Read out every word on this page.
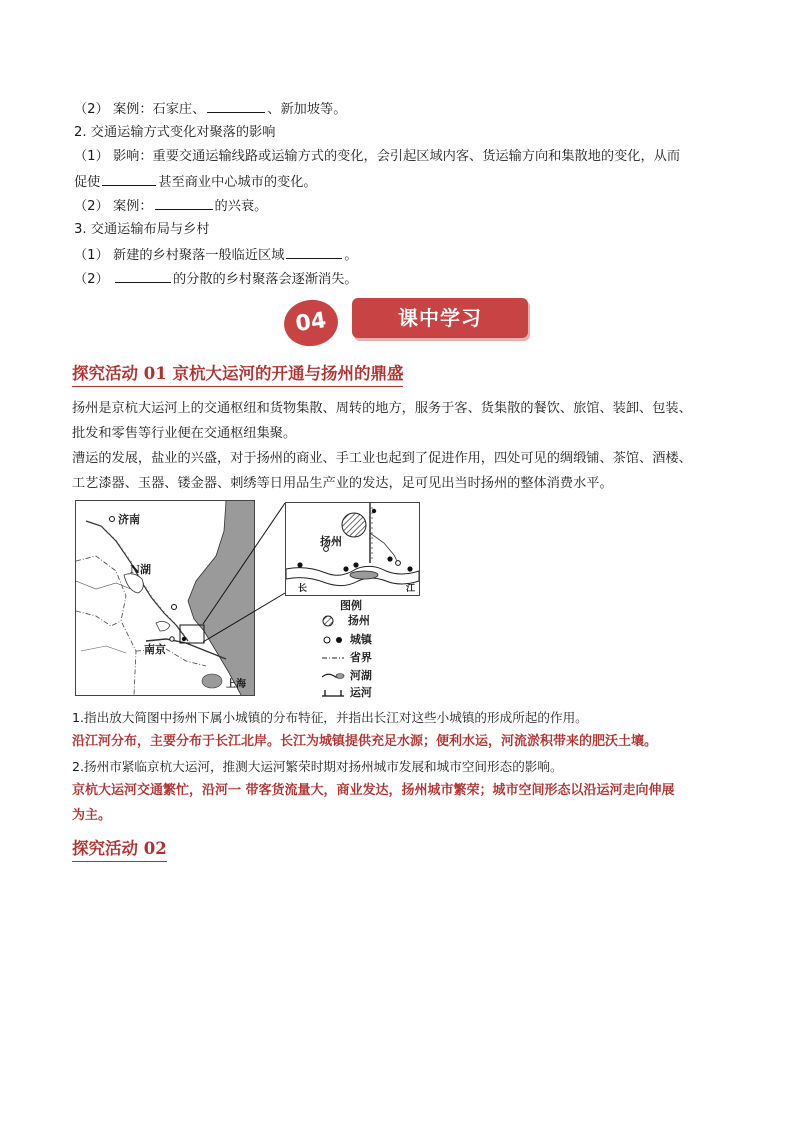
（2） 案例：石家庄、	、新加坡等。
2. 交通运输方式变化对聚落的影响
（1） 影响：重要交通运输线路或运输方式的变化，会引起区域内客、货运输方向和集散地的变化，从而
促使	甚至商业中心城市的变化。
（2） 案例：	的兴衰。
3. 交通运输布局与乡村
（1） 新建的乡村聚落一般临近区域	。
（2）	的分散的乡村聚落会逐渐消失。
04	课中学习
探究活动 01 京杭大运河的开通与扬州的鼎盛
扬州是京杭大运河上的交通枢纽和货物集散、周转的地方，服务于客、货集散的餐饮、旅馆、装卸、包装、
批发和零售等行业便在交通枢纽集聚。
漕运的发展，盐业的兴盛，对于扬州的商业、手工业也起到了促进作用，四处可见的绸缎铺、茶馆、酒楼、
工艺漆器、玉器、镂金器、刺绣等日用品生产业的发达，足可见出当时扬州的整体消费水平。
济南
N湖
南京
上海
扬州
长	江
图例
扬州
城镇
省界
河湖
运河
1.指出放大简图中扬州下属小城镇的分布特征，并指出长江对这些小城镇的形成所起的作用。
沿江河分布，主要分布于长江北岸。长江为城镇提供充足水源；便利水运，河流淤积带来的肥沃土壤。
2.扬州市紧临京杭大运河，推测大运河繁荣时期对扬州城市发展和城市空间形态的影响。
京杭大运河交通繁忙，沿河一 带客货流量大，商业发达，扬州城市繁荣；城市空间形态以沿运河走向伸展
为主。
探究活动 02
